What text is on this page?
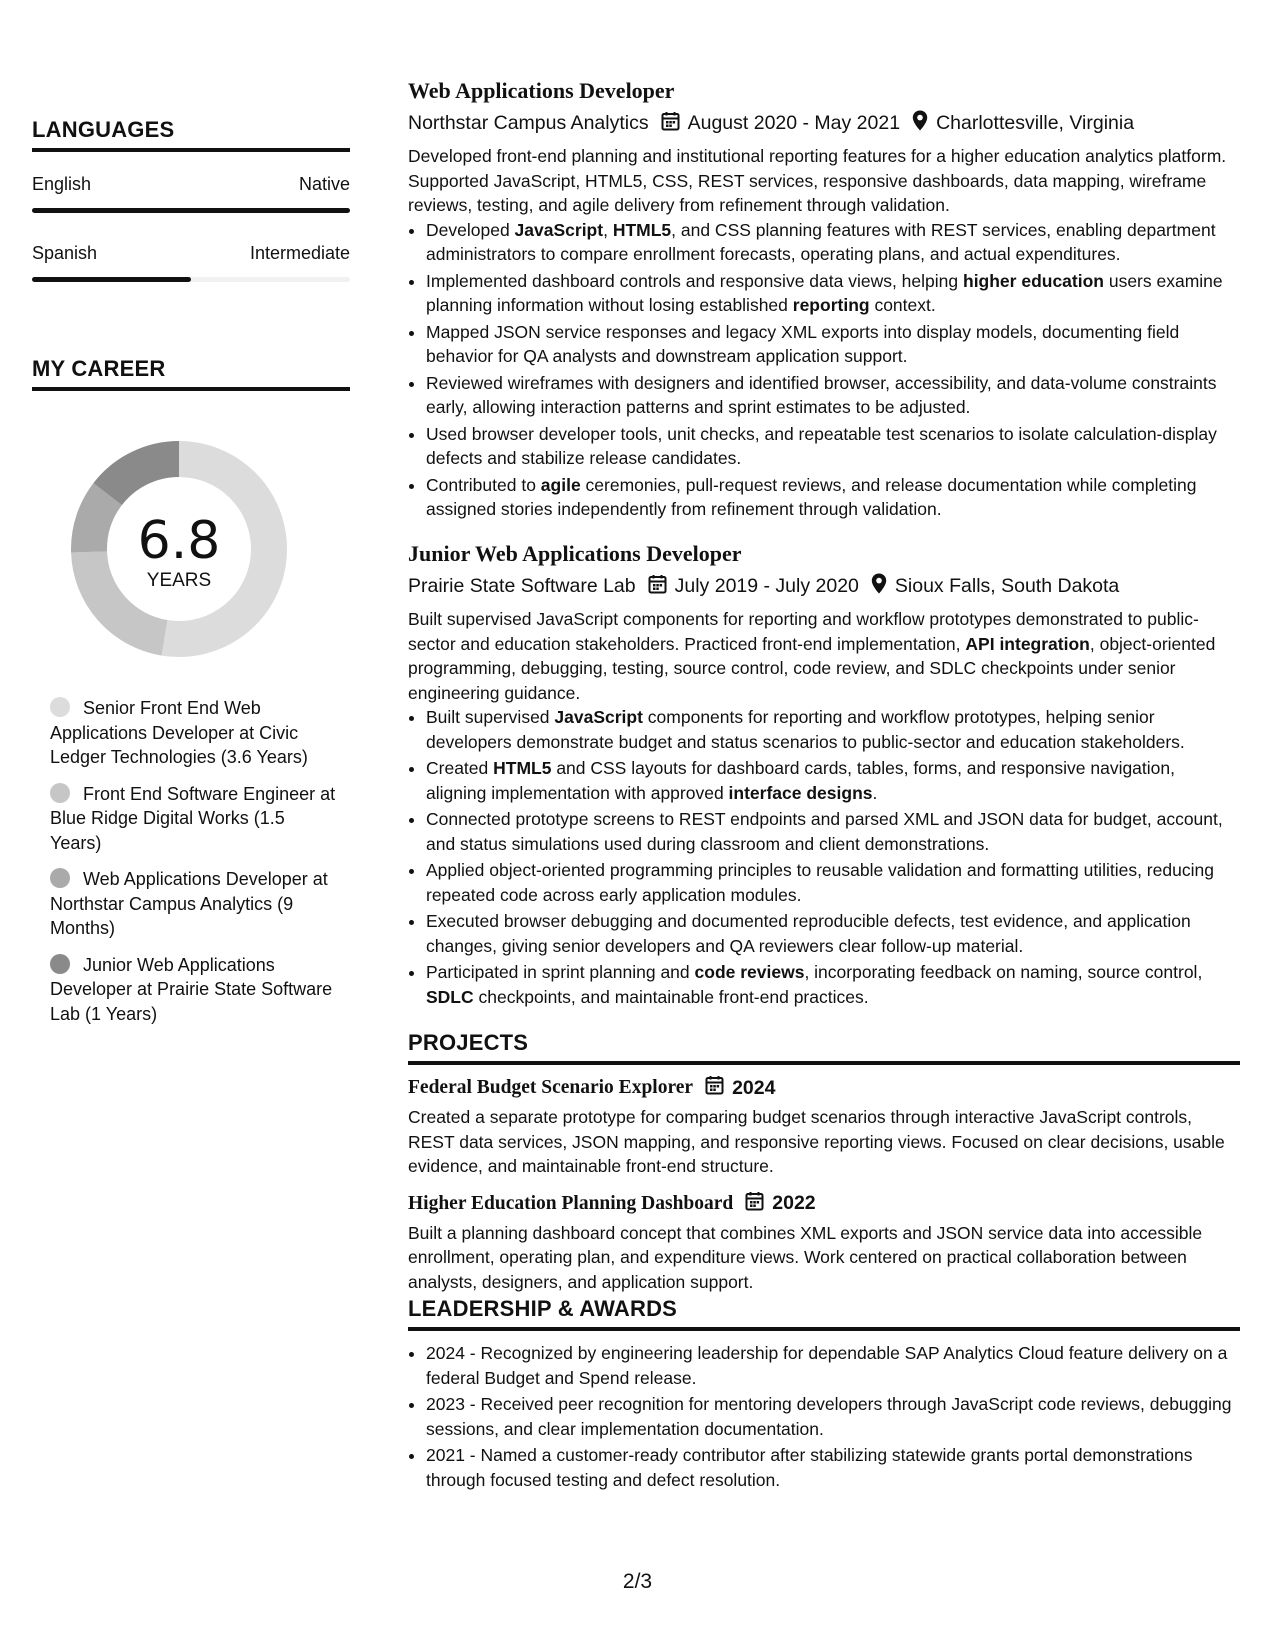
LANGUAGES
English	Native
Spanish	Intermediate
MY CAREER
6.8
YEARS
Senior Front End Web Applications Developer at Civic Ledger Technologies (3.6 Years)
Front End Software Engineer at Blue Ridge Digital Works (1.5 Years)
Web Applications Developer at Northstar Campus Analytics (9 Months)
Junior Web Applications Developer at Prairie State Software Lab (1 Years)
Web Applications Developer
Northstar Campus Analytics August 2020 - May 2021 Charlottesville, Virginia
Developed front-end planning and institutional reporting features for a higher education analytics platform. Supported JavaScript, HTML5, CSS, REST services, responsive dashboards, data mapping, wireframe reviews, testing, and agile delivery from refinement through validation.
• Developed JavaScript, HTML5, and CSS planning features with REST services, enabling department administrators to compare enrollment forecasts, operating plans, and actual expenditures.
• Implemented dashboard controls and responsive data views, helping higher education users examine planning information without losing established reporting context.
• Mapped JSON service responses and legacy XML exports into display models, documenting field behavior for QA analysts and downstream application support.
• Reviewed wireframes with designers and identified browser, accessibility, and data-volume constraints early, allowing interaction patterns and sprint estimates to be adjusted.
• Used browser developer tools, unit checks, and repeatable test scenarios to isolate calculation-display defects and stabilize release candidates.
• Contributed to agile ceremonies, pull-request reviews, and release documentation while completing assigned stories independently from refinement through validation.
Junior Web Applications Developer
Prairie State Software Lab July 2019 - July 2020 Sioux Falls, South Dakota
Built supervised JavaScript components for reporting and workflow prototypes demonstrated to public-sector and education stakeholders. Practiced front-end implementation, API integration, object-oriented programming, debugging, testing, source control, code review, and SDLC checkpoints under senior engineering guidance.
• Built supervised JavaScript components for reporting and workflow prototypes, helping senior developers demonstrate budget and status scenarios to public-sector and education stakeholders.
• Created HTML5 and CSS layouts for dashboard cards, tables, forms, and responsive navigation, aligning implementation with approved interface designs.
• Connected prototype screens to REST endpoints and parsed XML and JSON data for budget, account, and status simulations used during classroom and client demonstrations.
• Applied object-oriented programming principles to reusable validation and formatting utilities, reducing repeated code across early application modules.
• Executed browser debugging and documented reproducible defects, test evidence, and application changes, giving senior developers and QA reviewers clear follow-up material.
• Participated in sprint planning and code reviews, incorporating feedback on naming, source control, SDLC checkpoints, and maintainable front-end practices.
PROJECTS
Federal Budget Scenario Explorer 2024
Created a separate prototype for comparing budget scenarios through interactive JavaScript controls, REST data services, JSON mapping, and responsive reporting views. Focused on clear decisions, usable evidence, and maintainable front-end structure.
Higher Education Planning Dashboard 2022
Built a planning dashboard concept that combines XML exports and JSON service data into accessible enrollment, operating plan, and expenditure views. Work centered on practical collaboration between analysts, designers, and application support.
LEADERSHIP & AWARDS
• 2024 - Recognized by engineering leadership for dependable SAP Analytics Cloud feature delivery on a federal Budget and Spend release.
• 2023 - Received peer recognition for mentoring developers through JavaScript code reviews, debugging sessions, and clear implementation documentation.
• 2021 - Named a customer-ready contributor after stabilizing statewide grants portal demonstrations through focused testing and defect resolution.
2/3
